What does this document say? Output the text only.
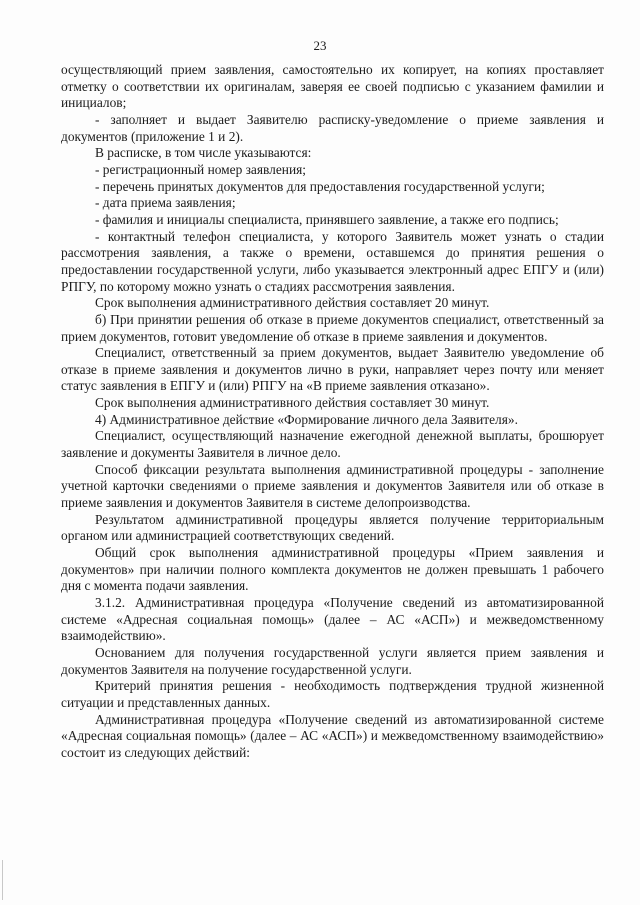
23

осуществляющий прием заявления, самостоятельно их копирует, на копиях проставляет отметку о соответствии их оригиналам, заверяя ее своей подписью с указанием фамилии и инициалов;

- заполняет и выдает Заявителю расписку-уведомление о приеме заявления и документов (приложение 1 и 2).

В расписке, в том числе указываются:

- регистрационный номер заявления;

- перечень принятых документов для предоставления государственной услуги;

- дата приема заявления;

- фамилия и инициалы специалиста, принявшего заявление, а также его подпись;

- контактный телефон специалиста, у которого Заявитель может узнать о стадии рассмотрения заявления, а также о времени, оставшемся до принятия решения о предоставлении государственной услуги, либо указывается электронный адрес ЕПГУ и (или) РПГУ, по которому можно узнать о стадиях рассмотрения заявления.

Срок выполнения административного действия составляет 20 минут.

б) При принятии решения об отказе в приеме документов специалист, ответственный за прием документов, готовит уведомление об отказе в приеме заявления и документов.

Специалист, ответственный за прием документов, выдает Заявителю уведомление об отказе в приеме заявления и документов лично в руки, направляет через почту или меняет статус заявления в ЕПГУ и (или) РПГУ на «В приеме заявления отказано».

Срок выполнения административного действия составляет 30 минут.

4) Административное действие «Формирование личного дела Заявителя».

Специалист, осуществляющий назначение ежегодной денежной выплаты, брошюрует заявление и документы Заявителя в личное дело.

Способ фиксации результата выполнения административной процедуры - заполнение учетной карточки сведениями о приеме заявления и документов Заявителя или об отказе в приеме заявления и документов Заявителя в системе делопроизводства.

Результатом административной процедуры является получение территориальным органом или администрацией соответствующих сведений.

Общий срок выполнения административной процедуры «Прием заявления и документов» при наличии полного комплекта документов не должен превышать 1 рабочего дня с момента подачи заявления.

3.1.2. Административная процедура «Получение сведений из автоматизированной системе «Адресная социальная помощь» (далее – АС «АСП») и межведомственному взаимодействию».

Основанием для получения государственной услуги является прием заявления и документов Заявителя на получение государственной услуги.

Критерий принятия решения - необходимость подтверждения трудной жизненной ситуации и представленных данных.

Административная процедура «Получение сведений из автоматизированной системе «Адресная социальная помощь» (далее – АС «АСП») и межведомственному взаимодействию» состоит из следующих действий:
